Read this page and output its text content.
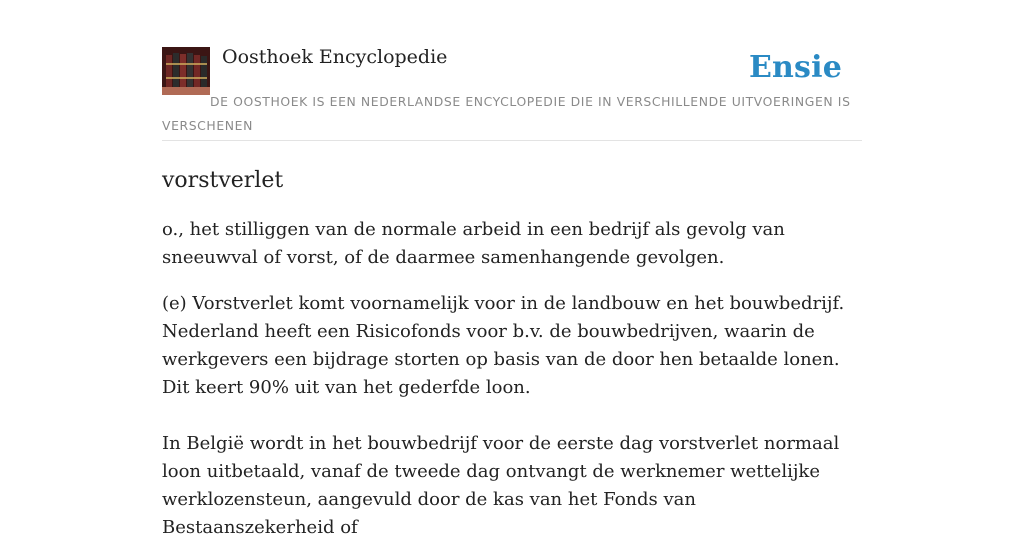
Oosthoek Encyclopedie	Ensie
DE OOSTHOEK IS EEN NEDERLANDSE ENCYCLOPEDIE DIE IN VERSCHILLENDE UITVOERINGEN IS VERSCHENEN
vorstverlet

o., het stilliggen van de normale arbeid in een bedrijf als gevolg van sneeuwval of vorst, of de daarmee samenhangende gevolgen.

(e) Vorstverlet komt voornamelijk voor in de landbouw en het bouwbedrijf. Nederland heeft een Risicofonds voor b.v. de bouwbedrijven, waarin de werkgevers een bijdrage storten op basis van de door hen betaalde lonen. Dit keert 90% uit van het gederfde loon.

In België wordt in het bouwbedrijf voor de eerste dag vorstverlet normaal loon uitbetaald, vanaf de tweede dag ontvangt de werknemer wettelijke werklozensteun, aangevuld door de kas van het Fonds van Bestaanszekerheid of
